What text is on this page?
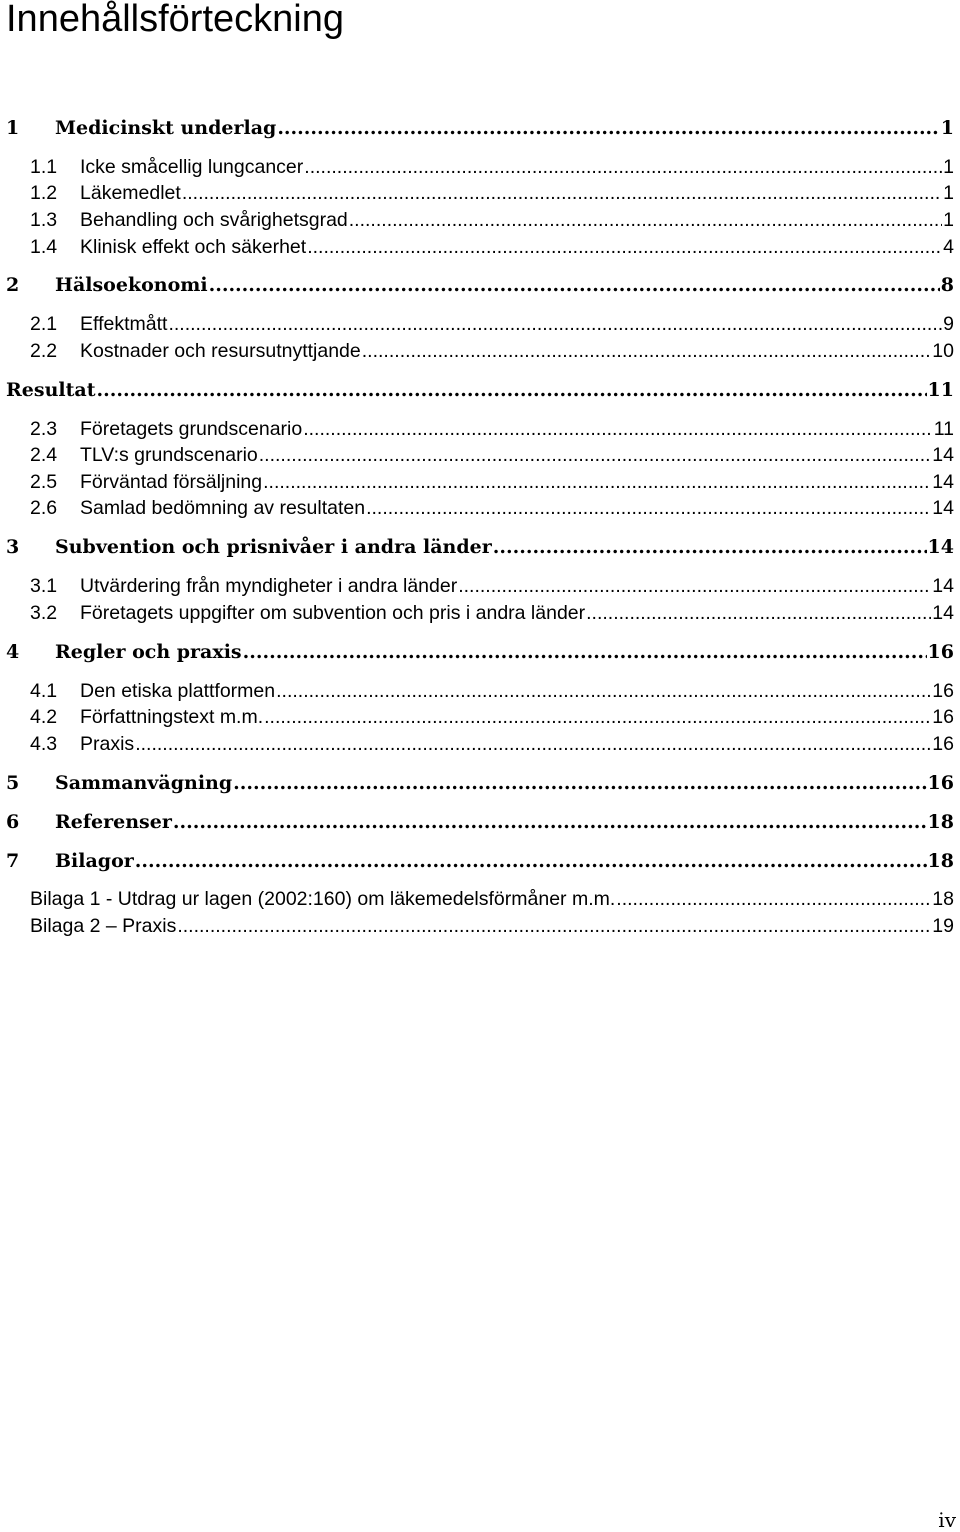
Innehållsförteckning
1 Medicinskt underlag .....	1
1.1 Icke småcellig lungcancer .....	1
1.2 Läkemedlet .....	1
1.3 Behandling och svårighetsgrad .....	1
1.4 Klinisk effekt och säkerhet .....	4
2 Hälsoekonomi .....	8
2.1 Effektmått .....	9
2.2 Kostnader och resursutnyttjande .....	10
Resultat .....	11
2.3 Företagets grundscenario .....	11
2.4 TLV:s grundscenario .....	14
2.5 Förväntad försäljning .....	14
2.6 Samlad bedömning av resultaten .....	14
3 Subvention och prisnivåer i andra länder .....	14
3.1 Utvärdering från myndigheter i andra länder .....	14
3.2 Företagets uppgifter om subvention och pris i andra länder .....	14
4 Regler och praxis .....	16
4.1 Den etiska plattformen .....	16
4.2 Författningstext m.m. .....	16
4.3 Praxis .....	16
5 Sammanvägning .....	16
6 Referenser .....	18
7 Bilagor .....	18
Bilaga 1 - Utdrag ur lagen (2002:160) om läkemedelsförmåner m.m. .....	18
Bilaga 2 – Praxis .....	19
iv
